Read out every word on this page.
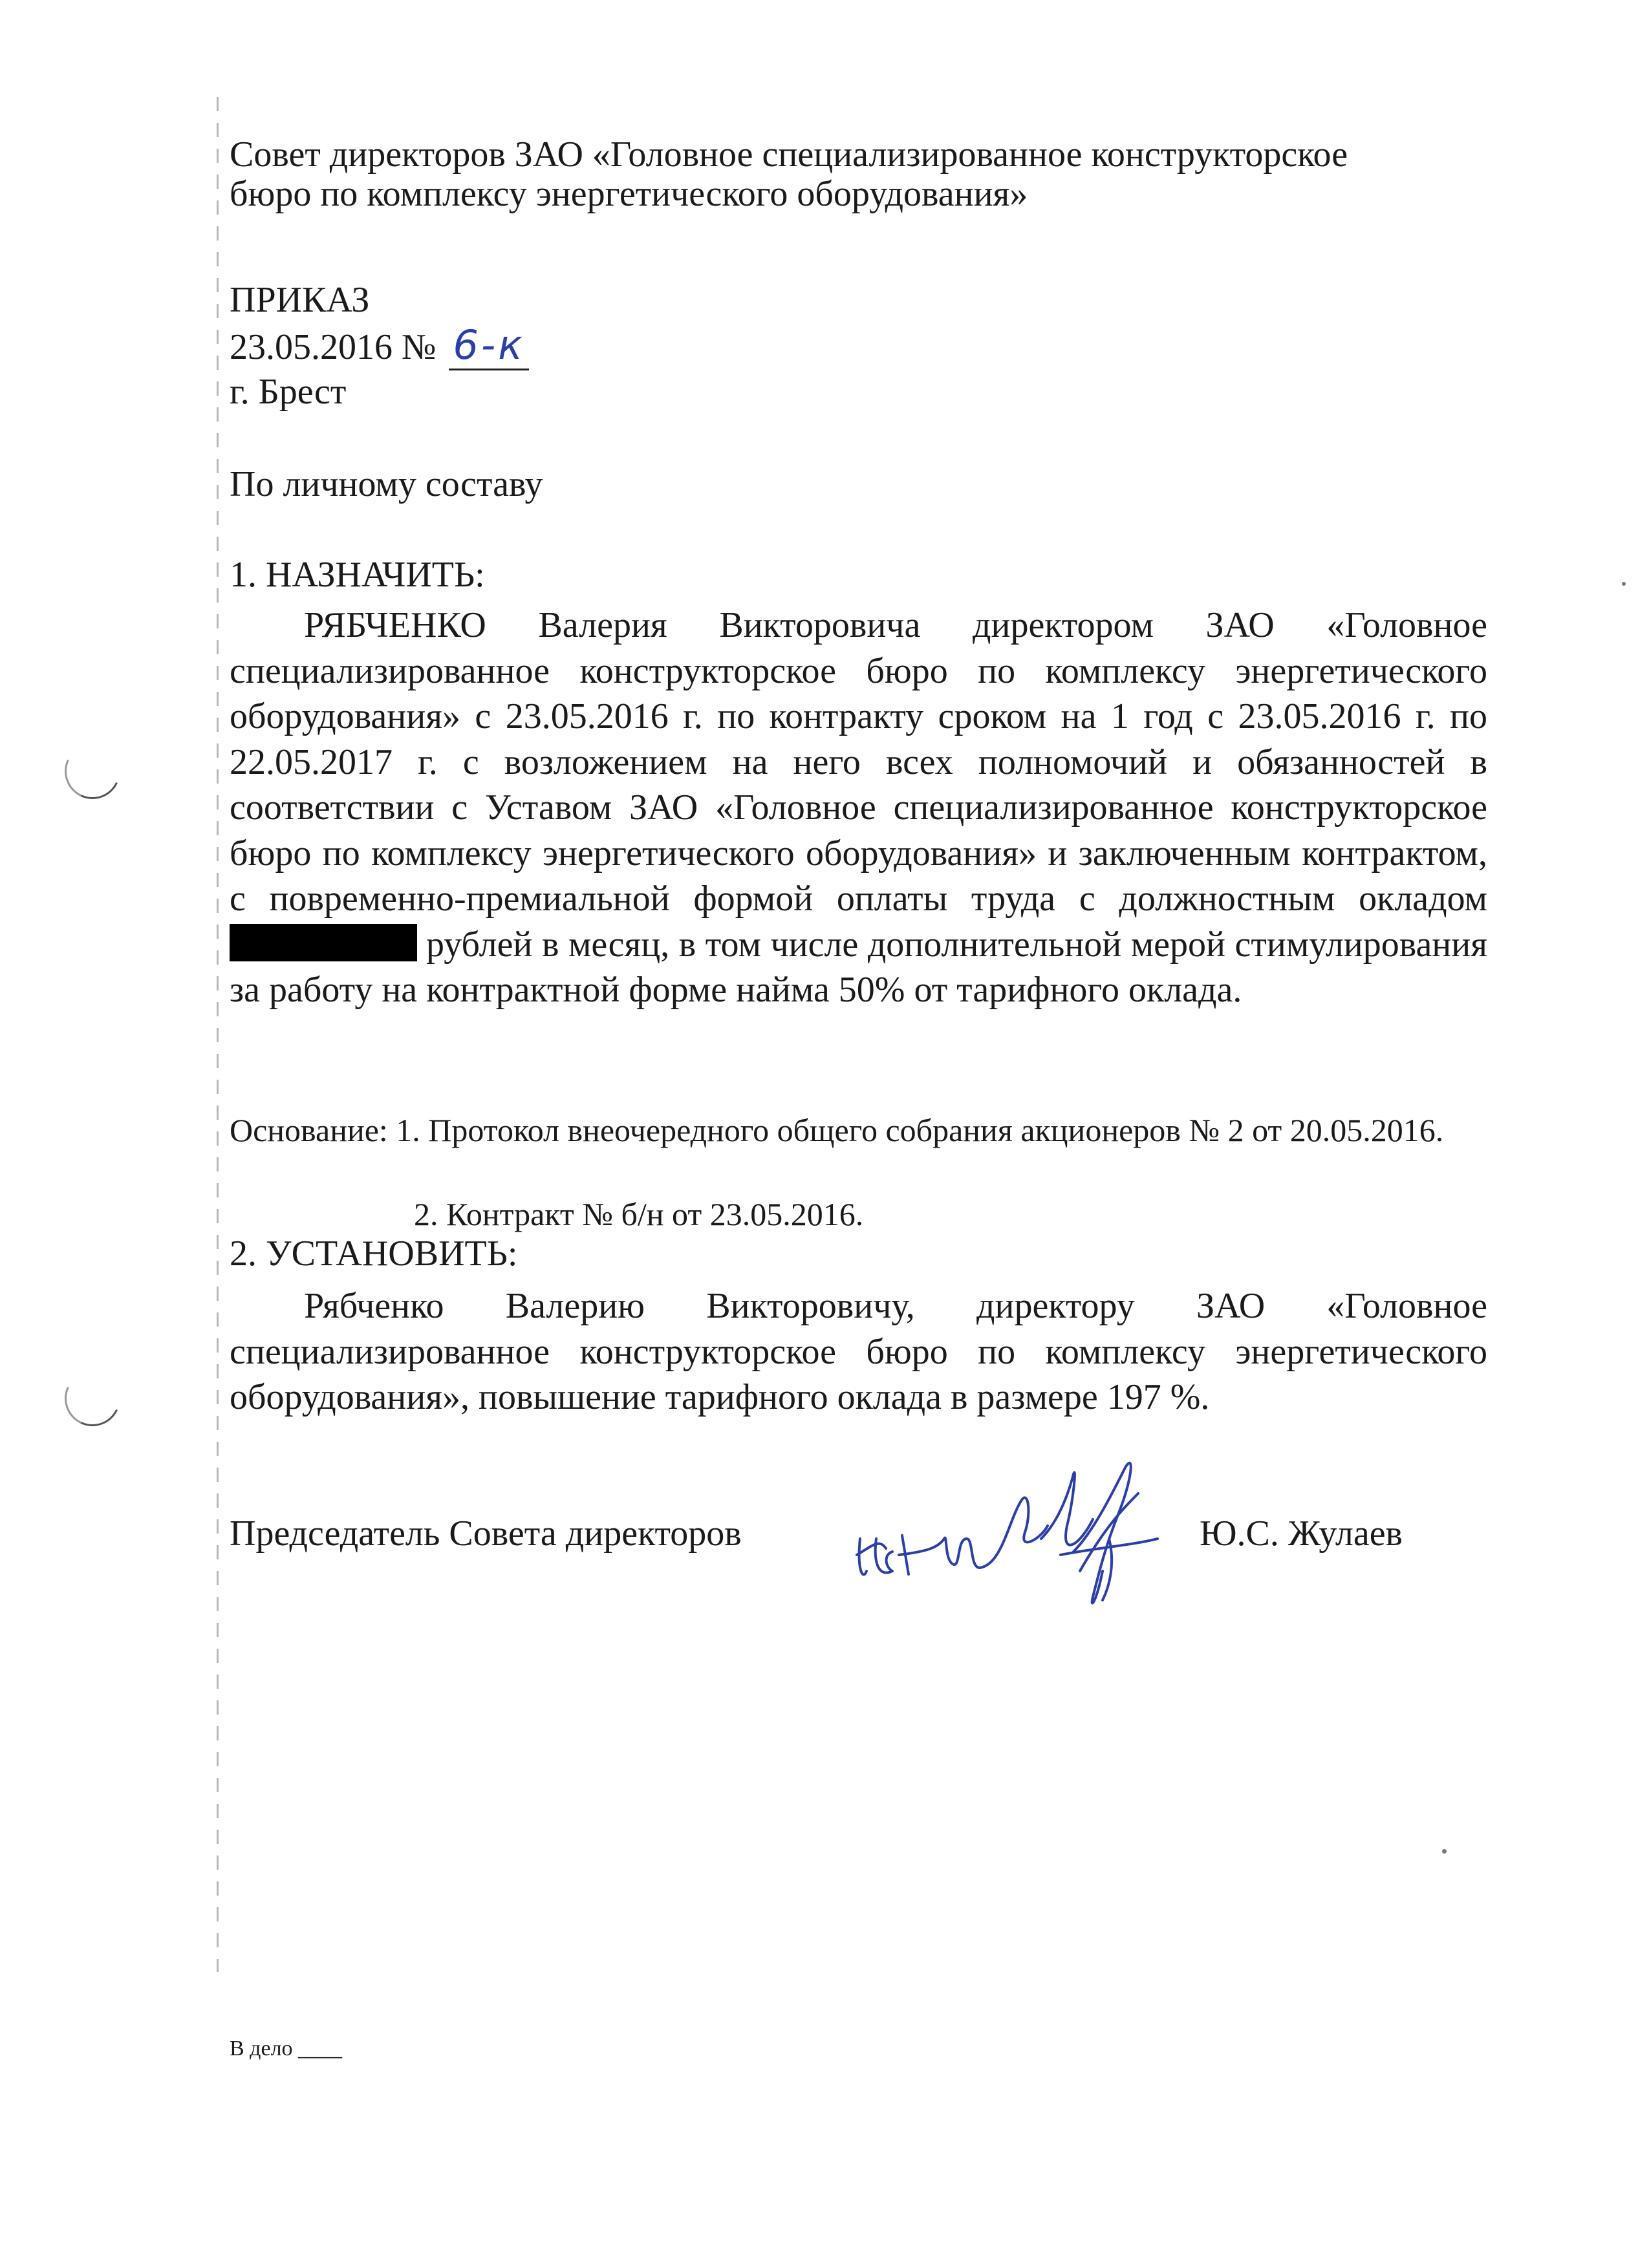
Совет директоров ЗАО «Головное специализированное конструкторское
бюро по комплексу энергетического оборудования»
ПРИКАЗ
23.05.2016 № 6-к
г. Брест
По личному составу
1. НАЗНАЧИТЬ:
РЯБЧЕНКО Валерия Викторовича директором ЗАО «Головное специализированное конструкторское бюро по комплексу энергетического оборудования» с 23.05.2016 г. по контракту сроком на 1 год с 23.05.2016 г. по 22.05.2017 г. с возложением на него всех полномочий и обязанностей в соответствии с Уставом ЗАО «Головное специализированное конструкторское бюро по комплексу энергетического оборудования» и заключенным контрактом, с повременно-премиальной формой оплаты труда с должностным окладом рублей в месяц, в том числе дополнительной мерой стимулирования за работу на контрактной форме найма 50% от тарифного оклада.
Основание: 1. Протокол внеочередного общего собрания акционеров № 2 от 20.05.2016.
2. Контракт № б/н от 23.05.2016.
2. УСТАНОВИТЬ:
Рябченко Валерию Викторовичу, директору ЗАО «Головное специализированное конструкторское бюро по комплексу энергетического оборудования», повышение тарифного оклада в размере 197 %.
Председатель Совета директоров	Ю.С. Жулаев
В дело ____
